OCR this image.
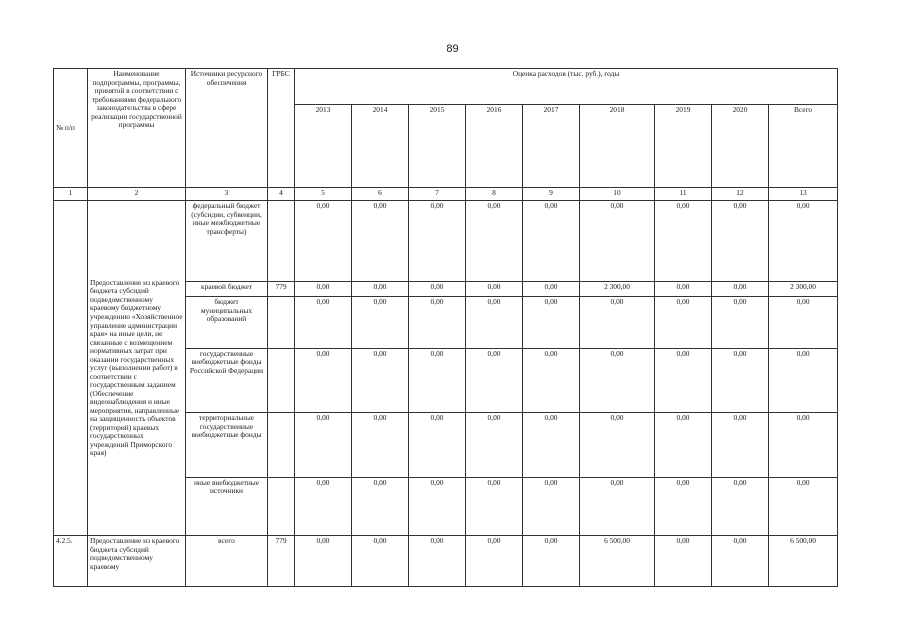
89
№ п/п	Наименование подпрограммы, программы, принятой в соответствии с требованиями федерального законодательства в сфере реализации государственной программы	Источники ресурсного обеспечения	ГРБС	Оценка расходов (тыс. руб.), годы								
				2013	2014	2015	2016	2017	2018	2019	2020	Всего
1	2	3	4	5	6	7	8	9	10	11	12	13
	Предоставление из краевого бюджета субсидий подведомственному краевому бюджетному учреждению «Хозяйственное управление администрации края» на иные цели, не связанные с возмещением нормативных затрат при оказании государственных услуг (выполнении работ) в соответствии с государственным заданием (Обеспечение видеонаблюдения и иные мероприятия, направленные на защищенность объектов (территорий) краевых государственных учреждений Приморского края)	федеральный бюджет (субсидии, субвенции, иные межбюджетные трансферты)		0,00	0,00	0,00	0,00	0,00	0,00	0,00	0,00	0,00
		краевой бюджет	779	0,00	0,00	0,00	0,00	0,00	2 300,00	0,00	0,00	2 300,00
		бюджет муниципальных образований		0,00	0,00	0,00	0,00	0,00	0,00	0,00	0,00	0,00
		государственные внебюджетные фонды Российской Федерации		0,00	0,00	0,00	0,00	0,00	0,00	0,00	0,00	0,00
		территориальные государственные внебюджетные фонды		0,00	0,00	0,00	0,00	0,00	0,00	0,00	0,00	0,00
		иные внебюджетные источники		0,00	0,00	0,00	0,00	0,00	0,00	0,00	0,00	0,00
4.2.5.	Предоставление из краевого бюджета субсидий подведомственному краевому	всего	779	0,00	0,00	0,00	0,00	0,00	6 500,00	0,00	0,00	6 500,00
